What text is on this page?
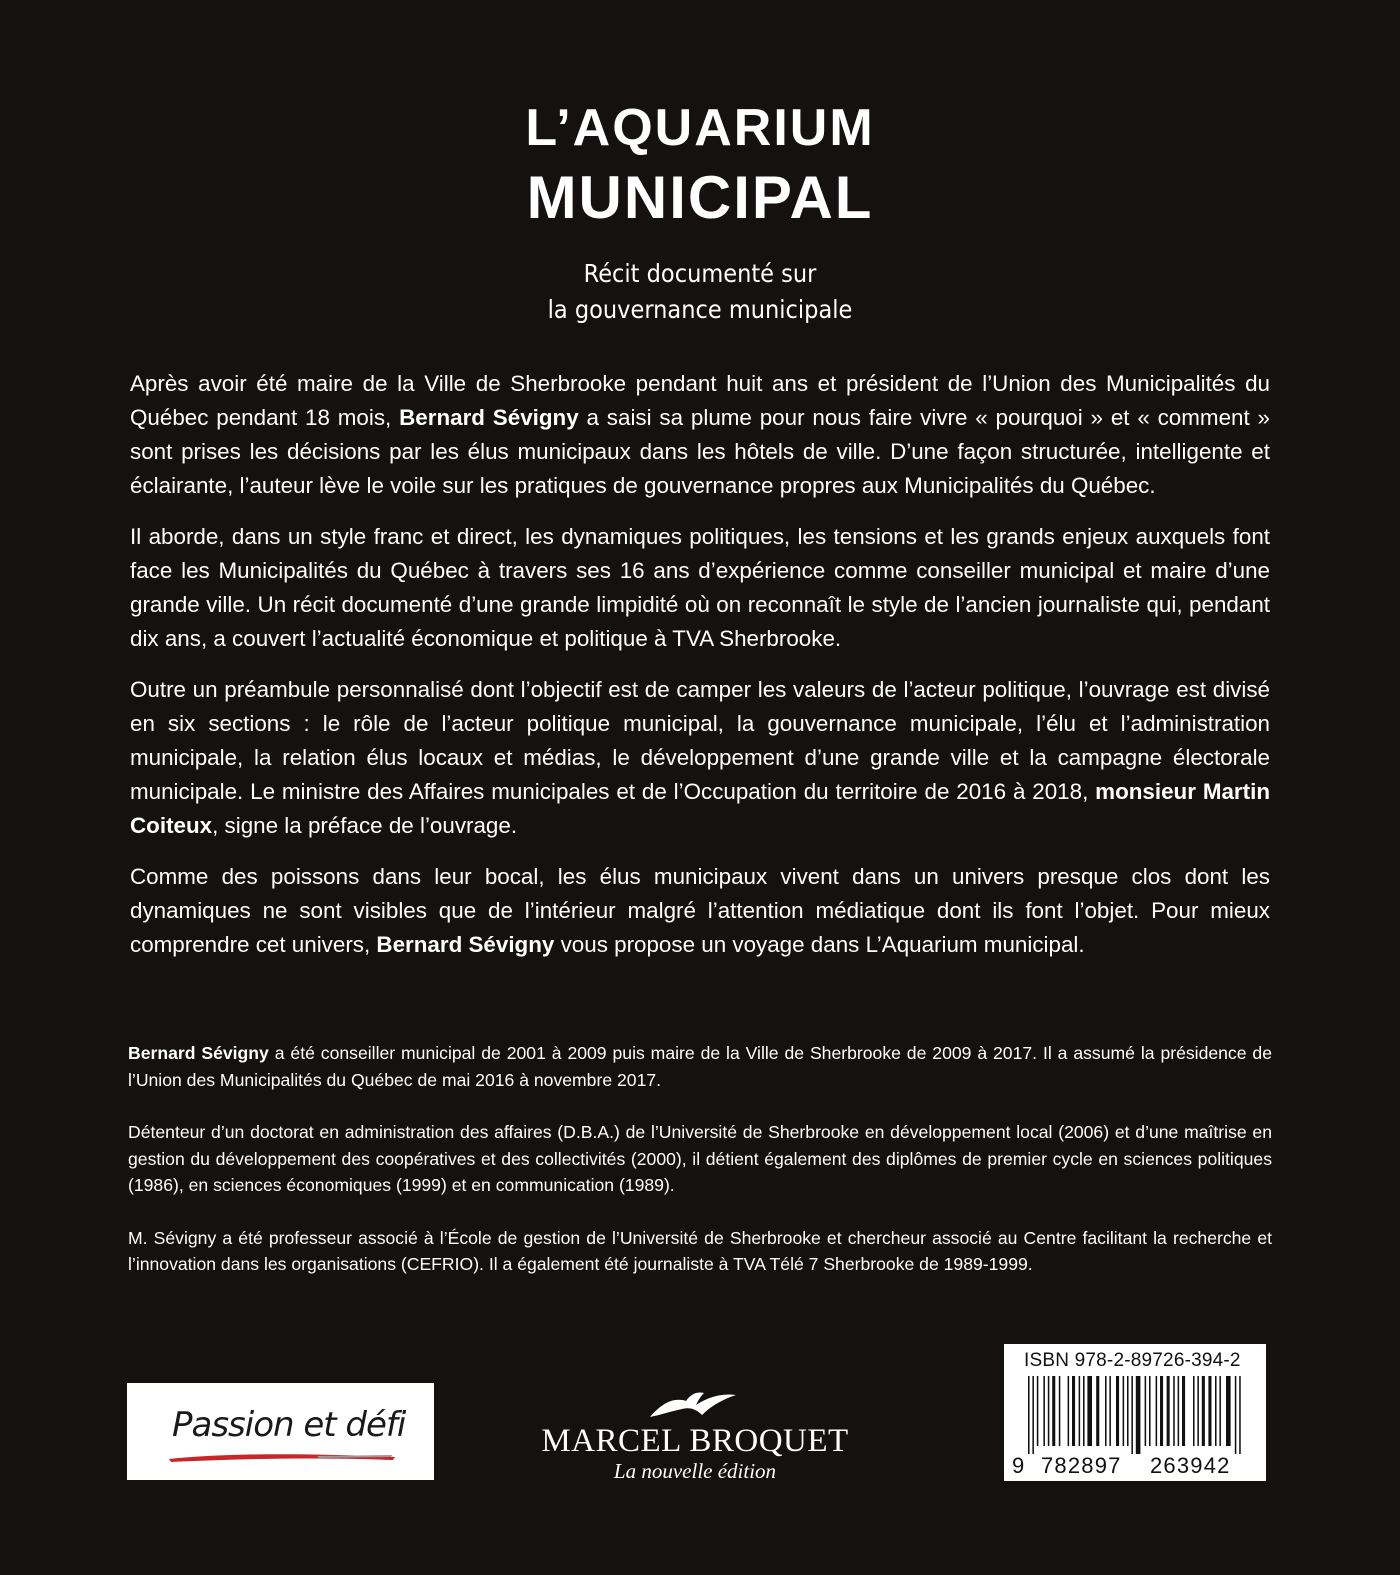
L’AQUARIUM
MUNICIPAL
Récit documenté sur
la gouvernance municipale

Après avoir été maire de la Ville de Sherbrooke pendant huit ans et président de l’Union des Municipalités du Québec pendant 18 mois, Bernard Sévigny a saisi sa plume pour nous faire vivre « pourquoi » et « comment » sont prises les décisions par les élus municipaux dans les hôtels de ville. D’une façon structurée, intelligente et éclairante, l’auteur lève le voile sur les pratiques de gouvernance propres aux Municipalités du Québec.

Il aborde, dans un style franc et direct, les dynamiques politiques, les tensions et les grands enjeux auxquels font face les Municipalités du Québec à travers ses 16 ans d’expérience comme conseiller municipal et maire d’une grande ville. Un récit documenté d’une grande limpidité où on reconnaît le style de l’ancien journaliste qui, pendant dix ans, a couvert l’actualité économique et politique à TVA Sherbrooke.

Outre un préambule personnalisé dont l’objectif est de camper les valeurs de l’acteur politique, l’ouvrage est divisé en six sections : le rôle de l’acteur politique municipal, la gouvernance municipale, l’élu et l’administration municipale, la relation élus locaux et médias, le développement d’une grande ville et la campagne électorale municipale. Le ministre des Affaires municipales et de l’Occupation du territoire de 2016 à 2018, monsieur Martin Coiteux, signe la préface de l’ouvrage.

Comme des poissons dans leur bocal, les élus municipaux vivent dans un univers presque clos dont les dynamiques ne sont visibles que de l’intérieur malgré l’attention médiatique dont ils font l’objet. Pour mieux comprendre cet univers, Bernard Sévigny vous propose un voyage dans L’Aquarium municipal.

Bernard Sévigny a été conseiller municipal de 2001 à 2009 puis maire de la Ville de Sherbrooke de 2009 à 2017. Il a assumé la présidence de l’Union des Municipalités du Québec de mai 2016 à novembre 2017.

Détenteur d’un doctorat en administration des affaires (D.B.A.) de l’Université de Sherbrooke en développement local (2006) et d’une maîtrise en gestion du développement des coopératives et des collectivités (2000), il détient également des diplômes de premier cycle en sciences politiques (1986), en sciences économiques (1999) et en communication (1989).

M. Sévigny a été professeur associé à l’École de gestion de l’Université de Sherbrooke et chercheur associé au Centre facilitant la recherche et l’innovation dans les organisations (CEFRIO). Il a également été journaliste à TVA Télé 7 Sherbrooke de 1989-1999.

Passion et défi	MARCEL BROQUET
La nouvelle édition
ISBN 978-2-89726-394-2
9 782897 263942
